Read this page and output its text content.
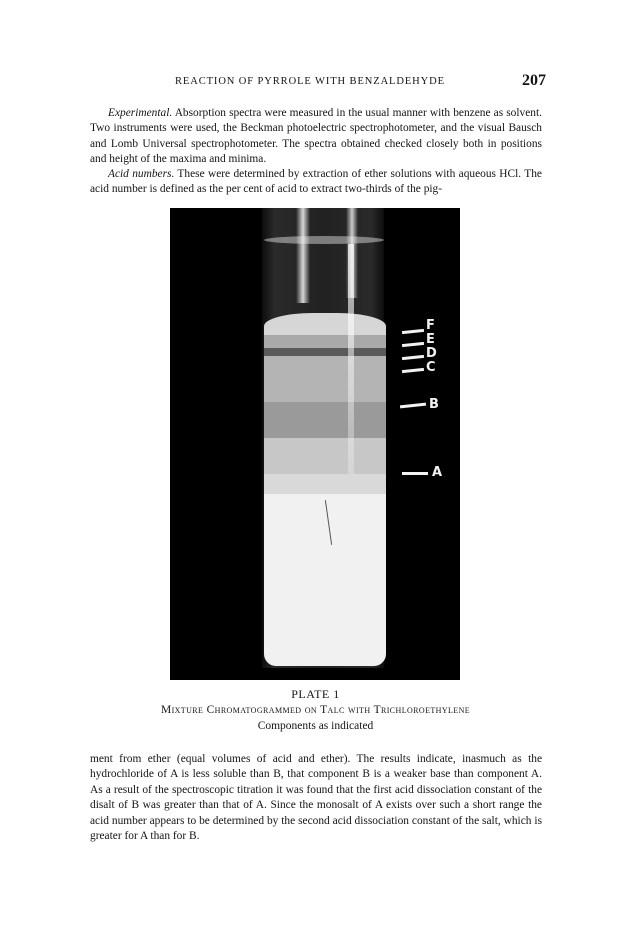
REACTION OF PYRROLE WITH BENZALDEHYDE	207

Experimental. Absorption spectra were measured in the usual manner with benzene as solvent. Two instruments were used, the Beckman photoelectric spectrophotometer, and the visual Bausch and Lomb Universal spectrophotometer. The spectra obtained checked closely both in positions and height of the maxima and minima.

Acid numbers. These were determined by extraction of ether solutions with aqueous HCl. The acid number is defined as the per cent of acid to extract two-thirds of the pig-

F
E
D
C
B
A
PLATE 1
Mixture Chromatogrammed on Talc with Trichloroethylene
Components as indicated

ment from ether (equal volumes of acid and ether). The results indicate, inasmuch as the hydrochloride of A is less soluble than B, that component B is a weaker base than component A. As a result of the spectroscopic titration it was found that the first acid dissociation constant of the disalt of B was greater than that of A. Since the monosalt of A exists over such a short range the acid number appears to be determined by the second acid dissociation constant of the salt, which is greater for A than for B.
